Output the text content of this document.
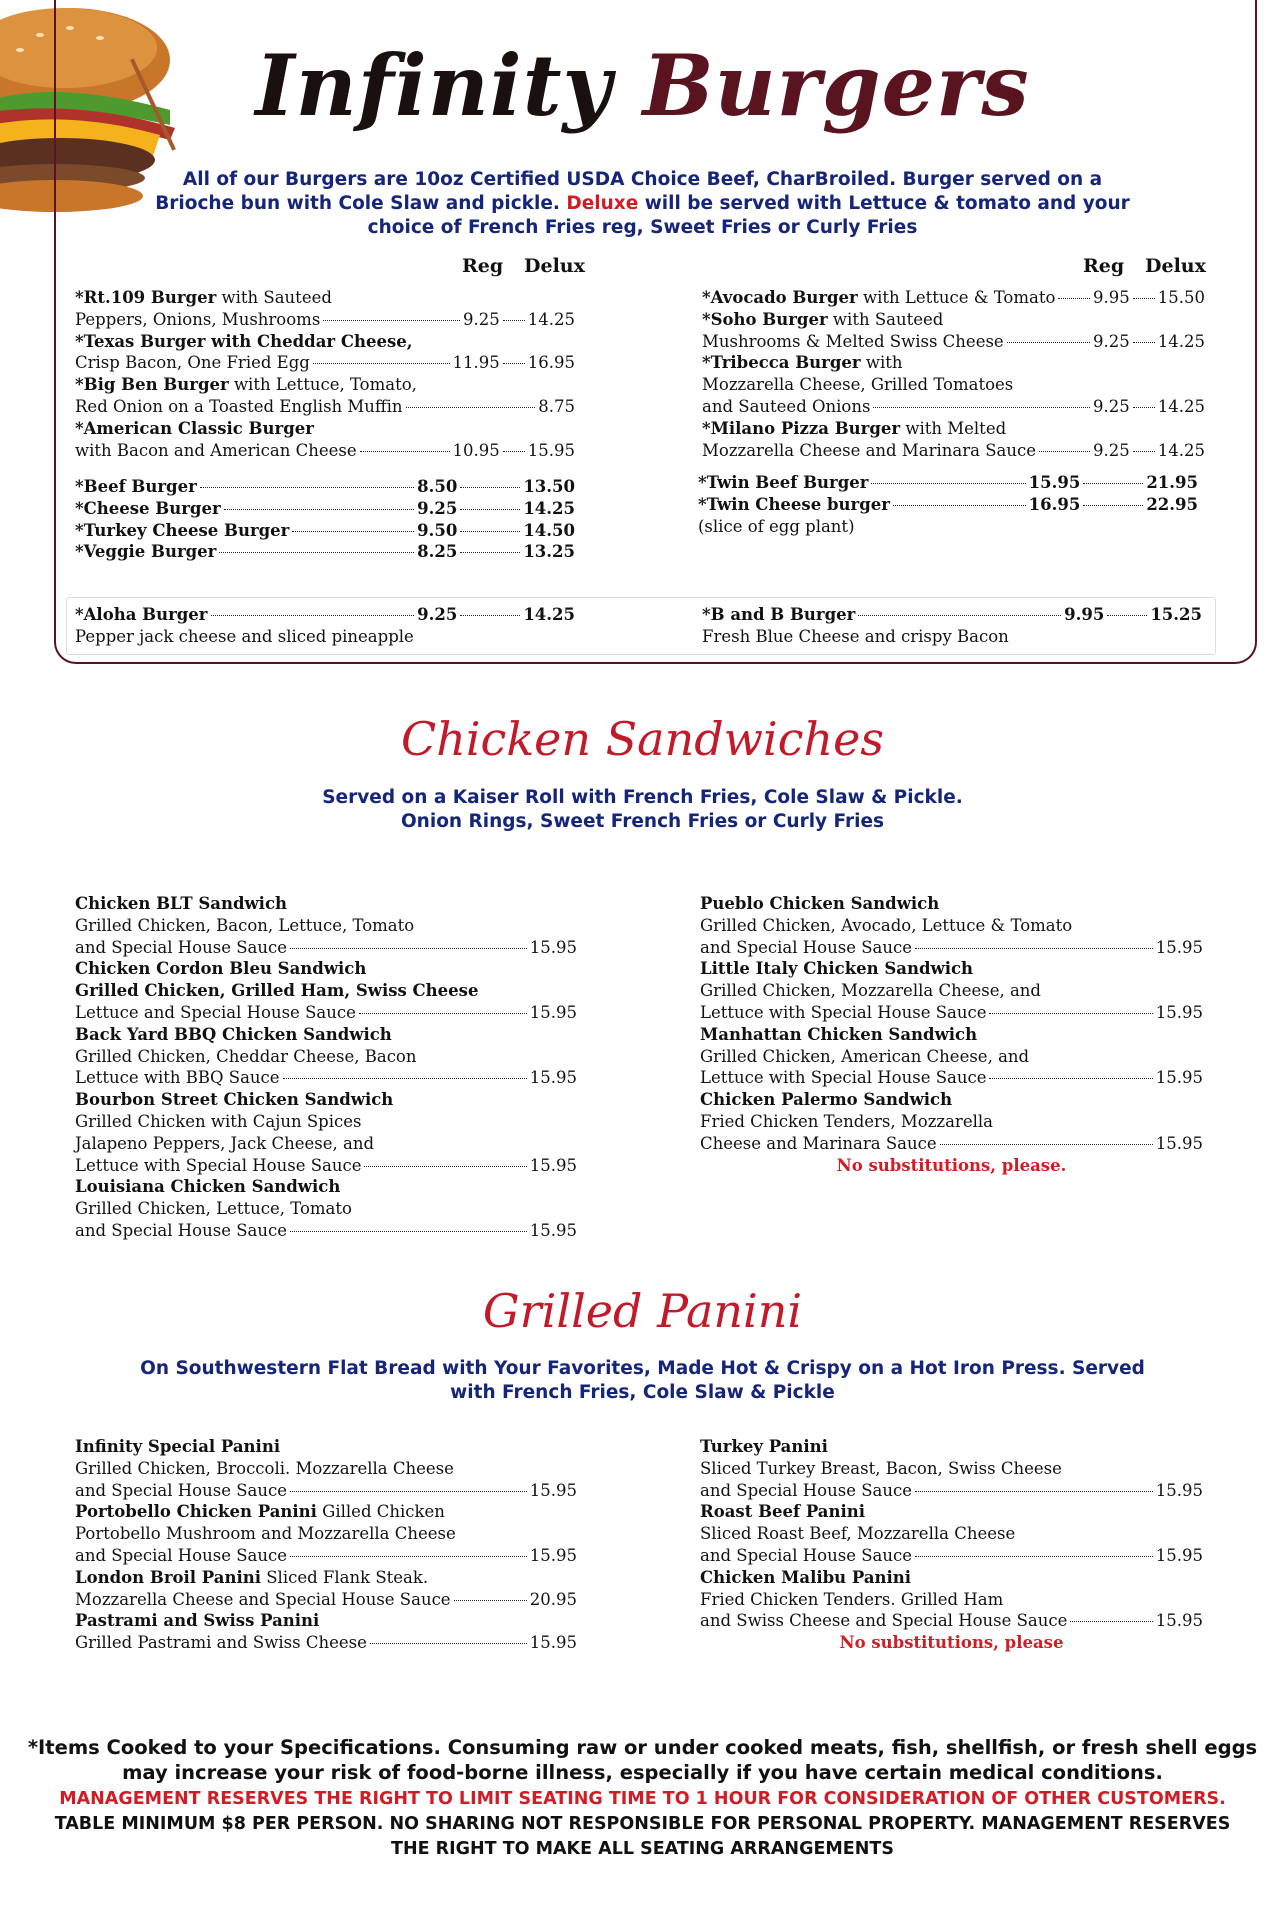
Infinity Burgers
All of our Burgers are 10oz Certified USDA Choice Beef, CharBroiled. Burger served on a
Brioche bun with Cole Slaw and pickle. Deluxe will be served with Lettuce & tomato and your
choice of French Fries reg, Sweet Fries or Curly Fries
Reg Delux	Reg Delux
*Rt.109 Burger with Sauteed
Peppers, Onions, Mushrooms	9.25 14.25
*Texas Burger with Cheddar Cheese,
Crisp Bacon, One Fried Egg	11.95 16.95
*Big Ben Burger with Lettuce, Tomato,
Red Onion on a Toasted English Muffin	8.75
*American Classic Burger
with Bacon and American Cheese	10.95 15.95
*Beef Burger	8.50	13.50
*Cheese Burger	9.25	14.25
*Turkey Cheese Burger	9.50	14.50
*Veggie Burger	8.25	13.25
*Avocado Burger
with Lettuce & Tomato 9.95 15.50
*Soho Burger with Sauteed
Mushrooms & Melted Swiss Cheese	9.25 14.25
*Tribecca Burger with
Mozzarella Cheese, Grilled Tomatoes
and Sauteed Onions	9.25 14.25
*Milano Pizza Burger with Melted
Mozzarella Cheese and Marinara Sauce	9.25 14.25
*Twin Beef Burger	15.95	21.95
*Twin Cheese burger	16.95	22.95
(slice of egg plant)
*Aloha Burger	9.25	14.25
Pepper jack cheese and sliced pineapple
*B and B Burger	9.95	15.25
Fresh Blue Cheese and crispy Bacon
Chicken Sandwiches
Served on a Kaiser Roll with French Fries, Cole Slaw & Pickle.
Onion Rings, Sweet French Fries or Curly Fries
Chicken BLT Sandwich
Grilled Chicken, Bacon, Lettuce, Tomato
and Special House Sauce	15.95
Chicken Cordon Bleu Sandwich
Grilled Chicken, Grilled Ham, Swiss Cheese
Lettuce and Special House Sauce	15.95
Back Yard BBQ Chicken Sandwich
Grilled Chicken, Cheddar Cheese, Bacon
Lettuce with BBQ Sauce	15.95
Bourbon Street Chicken Sandwich
Grilled Chicken with Cajun Spices
Jalapeno Peppers, Jack Cheese, and
Lettuce with Special House Sauce	15.95
Louisiana Chicken Sandwich
Grilled Chicken, Lettuce, Tomato
and Special House Sauce	15.95
Pueblo Chicken Sandwich
Grilled Chicken, Avocado, Lettuce & Tomato
and Special House Sauce	15.95
Little Italy Chicken Sandwich
Grilled Chicken, Mozzarella Cheese, and
Lettuce with Special House Sauce	15.95
Manhattan Chicken Sandwich
Grilled Chicken, American Cheese, and
Lettuce with Special House Sauce	15.95
Chicken Palermo Sandwich
Fried Chicken Tenders, Mozzarella
Cheese and Marinara Sauce	15.95
No substitutions, please.
Grilled Panini
On Southwestern Flat Bread with Your Favorites, Made Hot & Crispy on a Hot Iron Press. Served
with French Fries, Cole Slaw & Pickle
Infinity Special Panini
Grilled Chicken, Broccoli. Mozzarella Cheese
and Special House Sauce	15.95
Portobello Chicken Panini Gilled Chicken
Portobello Mushroom and Mozzarella Cheese
and Special House Sauce	15.95
London Broil Panini Sliced Flank Steak.
Mozzarella Cheese and Special House Sauce	20.95
Pastrami and Swiss Panini
Grilled Pastrami and Swiss Cheese	15.95
Turkey Panini
Sliced Turkey Breast, Bacon, Swiss Cheese
and Special House Sauce	15.95
Roast Beef Panini
Sliced Roast Beef, Mozzarella Cheese
and Special House Sauce	15.95
Chicken Malibu Panini
Fried Chicken Tenders. Grilled Ham
and Swiss Cheese and Special House Sauce	15.95
No substitutions, please
*Items Cooked to your Specifications. Consuming raw or under cooked meats, fish, shellfish, or fresh shell eggs
may increase your risk of food-borne illness, especially if you have certain medical conditions.
MANAGEMENT RESERVES THE RIGHT TO LIMIT SEATING TIME TO 1 HOUR FOR CONSIDERATION OF OTHER CUSTOMERS.
TABLE MINIMUM $8 PER PERSON. NO SHARING NOT RESPONSIBLE FOR PERSONAL PROPERTY. MANAGEMENT RESERVES
THE RIGHT TO MAKE ALL SEATING ARRANGEMENTS
